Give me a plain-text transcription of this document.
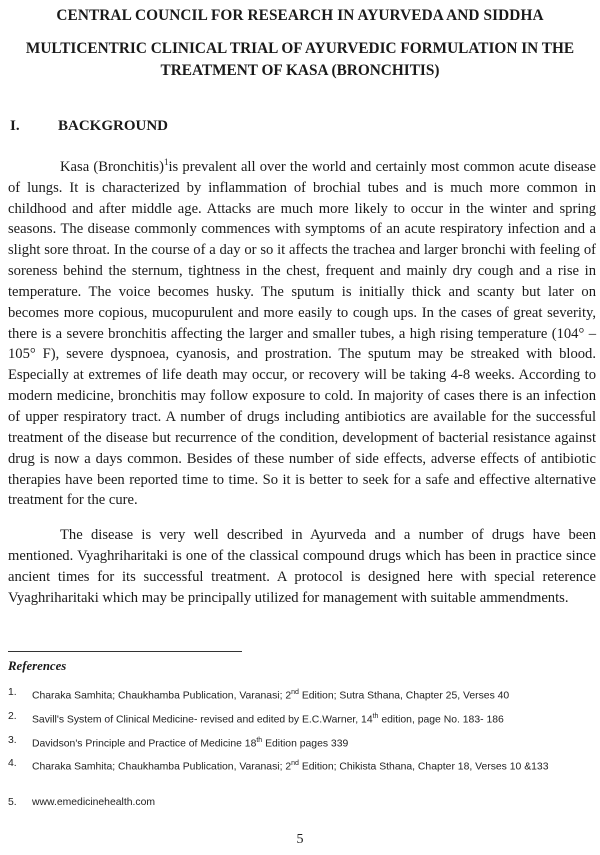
CENTRAL COUNCIL FOR RESEARCH IN AYURVEDA AND SIDDHA
MULTICENTRIC CLINICAL TRIAL OF AYURVEDIC FORMULATION IN THE TREATMENT OF KASA (BRONCHITIS)
I.	BACKGROUND

Kasa (Bronchitis)$^1$is prevalent all over the world and certainly most common acute disease of lungs. It is characterized by inflammation of brochial tubes and is much more common in childhood and after middle age. Attacks are much more likely to occur in the winter and spring seasons. The disease commonly commences with symptoms of an acute respiratory infection and a slight sore throat. In the course of a day or so it affects the trachea and larger bronchi with feeling of soreness behind the sternum, tightness in the chest, frequent and mainly dry cough and a rise in temperature. The voice becomes husky. The sputum is initially thick and scanty but later on becomes more copious, mucopurulent and more easily to cough ups. In the cases of great severity, there is a severe bronchitis affecting the larger and smaller tubes, a high rising temperature (104° – 105° F), severe dyspnoea, cyanosis, and prostration. The sputum may be streaked with blood. Especially at extremes of life death may occur, or recovery will be taking 4-8 weeks. According to modern medicine, bronchitis may follow exposure to cold. In majority of cases there is an infection of upper respiratory tract. A number of drugs including antibiotics are available for the successful treatment of the disease but recurrence of the condition, development of bacterial resistance against drug is now a days common. Besides of these number of side effects, adverse effects of antibiotic therapies have been reported time to time. So it is better to seek for a safe and effective alternative treatment for the cure.

The disease is very well described in Ayurveda and a number of drugs have been mentioned. Vyaghriharitaki is one of the classical compound drugs which has been in practice since ancient times for its successful treatment. A protocol is designed here with special reterence Vyaghriharitaki which may be principally utilized for management with suitable ammendments.

References
1. Charaka Samhita; Chaukhamba Publication, Varanasi; 2nd Edition; Sutra Sthana, Chapter 25, Verses 40
2. Savill's System of Clinical Medicine- revised and edited by E.C.Warner, 14th edition, page No. 183- 186
3. Davidson's Principle and Practice of Medicine 18th Edition pages 339
4. Charaka Samhita; Chaukhamba Publication, Varanasi; 2nd Edition; Chikista Sthana, Chapter 18, Verses 10 &133
5. www.emedicinehealth.com
5
